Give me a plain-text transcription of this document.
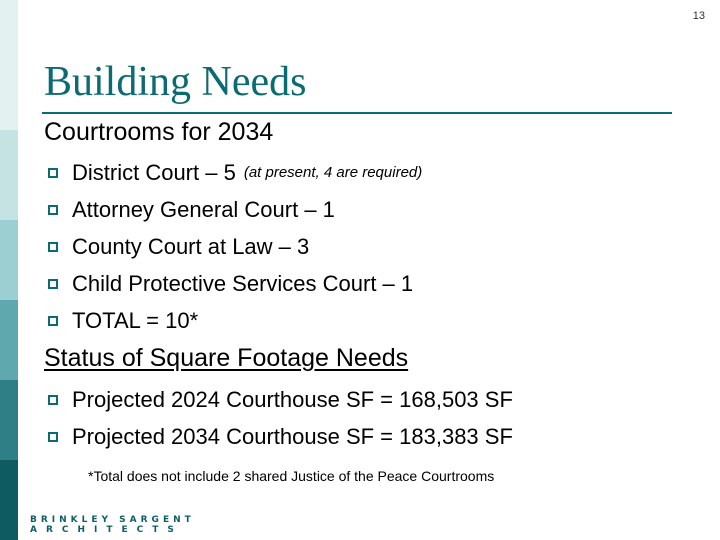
13
Building Needs
Courtrooms for 2034
District Court – 5 (at present, 4 are required)
Attorney General Court – 1
County Court at Law – 3
Child Protective Services Court – 1
TOTAL = 10*
Status of Square Footage Needs
Projected 2024 Courthouse SF = 168,503 SF
Projected 2034 Courthouse SF = 183,383 SF
*Total does not include 2 shared Justice of the Peace Courtrooms
BRINKLEY SARGENT
ARCHITECTS
